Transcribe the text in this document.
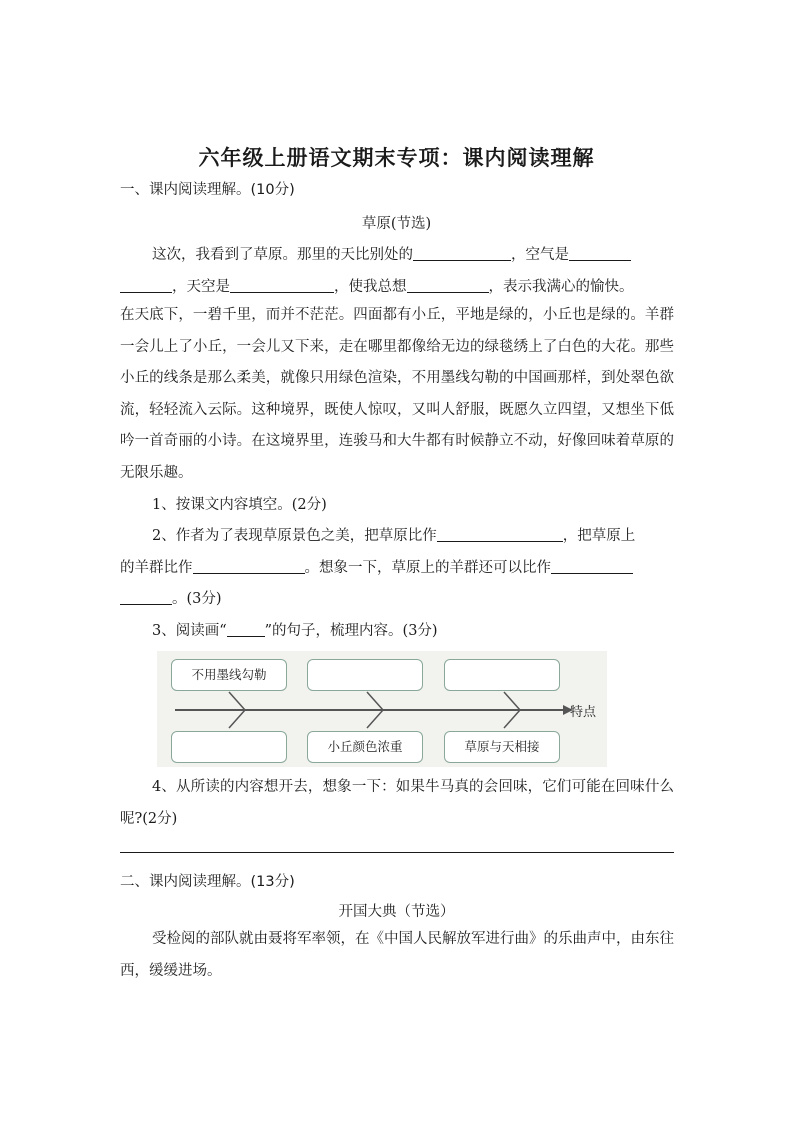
六年级上册语文期末专项：课内阅读理解
一、课内阅读理解。(10分)
草原(节选)
这次，我看到了草原。那里的天比别处的	，空气是
，天空是	，使我总想	，表示我满心的愉快。
在天底下，一碧千里，而并不茫茫。四面都有小丘，平地是绿的，小丘也是绿的。羊群一会儿上了小丘，一会儿又下来，走在哪里都像给无边的绿毯绣上了白色的大花。那些小丘的线条是那么柔美，就像只用绿色渲染，不用墨线勾勒的中国画那样，到处翠色欲流，轻轻流入云际。这种境界，既使人惊叹，又叫人舒服，既愿久立四望，又想坐下低吟一首奇丽的小诗。在这境界里，连骏马和大牛都有时候静立不动，好像回味着草原的无限乐趣。
1、按课文内容填空。(2分)
2、作者为了表现草原景色之美，把草原比作	，把草原上
的羊群比作	。想象一下，草原上的羊群还可以比作
。(3分)
3、阅读画“	”的句子，梳理内容。(3分)
特点
不用墨线勾勒
小丘颜色浓重	草原与天相接
4、从所读的内容想开去，想象一下：如果牛马真的会回味，它们可能在回味什么呢?(2分)
二、课内阅读理解。(13分)
开国大典（节选）
受检阅的部队就由聂将军率领，在《中国人民解放军进行曲》的乐曲声中，由东往西，缓缓进场。
